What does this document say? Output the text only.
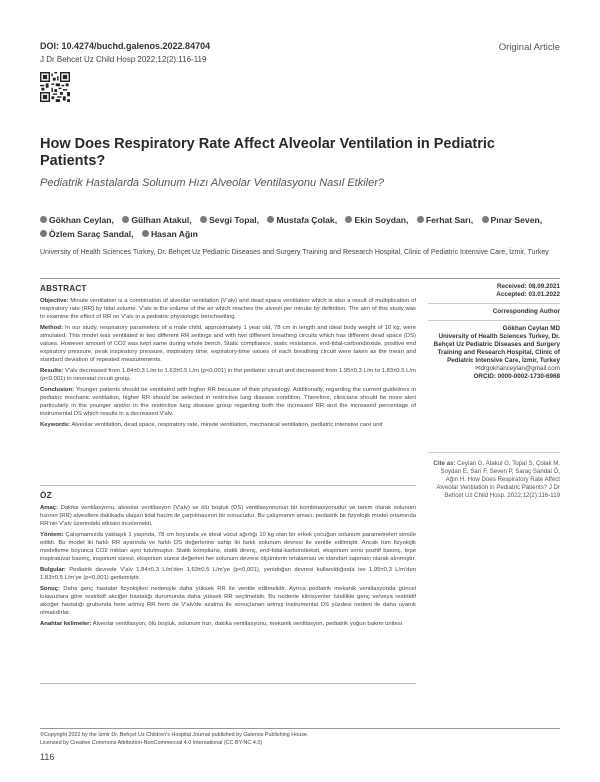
DOI: 10.4274/buchd.galenos.2022.84704
J Dr Behcet Uz Child Hosp 2022;12(2):116-119
Original Article
How Does Respiratory Rate Affect Alveolar Ventilation in Pediatric Patients?
Pediatrik Hastalarda Solunum Hızı Alveolar Ventilasyonu Nasıl Etkiler?
Gökhan Ceylan, Gülhan Atakul, Sevgi Topal, Mustafa Çolak, Ekin Soydan, Ferhat Sarı, Pınar Seven,
Özlem Saraç Sandal, Hasan Ağın
University of Health Sciences Turkey, Dr. Behçet Uz Pediatric Diseases and Surgery Training and Research Hospital, Clinic of Pediatric Intensive Care, İzmir, Turkey
ABSTRACT
Objective: Minute ventilation is a combination of alveolar ventilation (V'alv) and dead space ventilation which is also a result of multiplication of respiratory rate (RR) by tidal volume. V'alv is the volume of the air which reaches the alveoli per minute by definition. The aim of this study was to examine the effect of RR on V'alv in a pediatric physiologic benchsetting.
Method: In our study, respiratory parameters of a male child, approximately 1 year old, 78 cm in length and ideal body weight of 10 kg, were simulated. This model was ventilated in two different RR settings and with two different breathing circuits which has different dead space (DS) values. However amount of CO2 was kept same during whole bench. Static compliance, static resistance, end-tidal-carbondioxide, positive end expiratory pressure, peak inspiratory pressure, inspiratory time, expiratory-time values of each breathing circuit were taken as the mean and standard deviation of repeated measurements.
Results: V'alv decreased from 1.84±0.3 L/m to 1.63±0.5 L/m (p<0.001) in the pediatric circuit and decreased from 1.95±0.3 L/m to 1.83±0.5 L/m (p<0.001) in neonatal circuit group.
Conclusion: Younger patients should be ventilated with higher RR because of their physiology. Additionally, regarding the current guidelines in pediatric mechanic ventilation, higher RR should be selected in restrictive lung disease condition. Therefore, clinicians should be more alert particularly in the younger and/or in the restrictive lung disease group regarding both the increased RR and the increased percentage of instrumental DS which results in a decreased V'alv.
Keywords: Alveolar ventilation, dead space, respiratory rate, minute ventilation, mechanical ventilation, pediatric intensive care unit
ÖZ
Amaç: Dakika ventilasyonu, alveolar ventilasyon (V'alv) ve ölü boşluk (DS) ventilasyonunun bir kombinasyonudur ve tanım olarak solunum hızının (RR) alveollere dakikada ulaşan tidal hacim ile çarpılmasının bir sonucudur. Bu çalışmanın amacı, pediatrik bir fizyolojik model ortamında RR'nin V'alv üzerindeki etkisini incelemekti.
Yöntem: Çalışmamızda yaklaşık 1 yaşında, 78 cm boyunda ve ideal vücut ağırlığı 10 kg olan bir erkek çocuğun solunum parametreleri simüle edildi. Bu model iki farklı RR ayarında ve farklı DS değerlerine sahip iki farklı solunum devresi ile ventile edilmiştir. Ancak tüm fizyolojik modelleme boyunca CO2 miktarı aynı tutulmuştur. Statik komplians, statik direnç, end-tidal-karbondioksit, ekspirium sonu pozitif basınç, tepe inspiratuvar basınç, inspirium süresi, ekspirium süresi değerleri her solunum devresi ölçümlerin ortalaması ve standart sapması olarak alınmıştır.
Bulgular: Pediatrik devrede V'alv 1,84±0,3 L/m'den 1,63±0,5 L/m'ye (p<0,001), yenidoğan devresi kullanıldığında ise 1,95±0,3 L/m'den 1,83±0,5 L/m'ye (p<0,001) gerilemiştir.
Sonuç: Daha genç hastalar fizyolojileri nedeniyle daha yüksek RR ile ventile edilmelidir. Ayrıca pediatrik mekanik ventilasyonda güncel kılavuzlara göre restriktif akciğer hastalığı durumunda daha yüksek RR seçilmelidir. Bu nedenle klinisyenler özellikle genç ve/veya restriktif akciğer hastalığı grubunda hem artmış RR hem de V'alv'de azalma ile sonuçlanan artmış instrumental DS yüzdesi nedeni ile daha uyanık olmalıdırlar.
Anahtar kelimeler: Alveolar ventilasyon, ölü boşluk, solunum hızı, dakika ventilasyonu, mekanik ventilasyon, pediatrik yoğun bakım ünitesi
Received: 08.09.2021
Accepted: 03.01.2022
Corresponding Author
Gökhan Ceylan MD
University of Health Sciences Turkey, Dr. Behçet Uz Pediatric Diseases and Surgery Training and Research Hospital, Clinic of Pediatric Intensive Care, İzmir, Turkey
✉drgokhanceylan@gmail.com
ORCID: 0000-0002-1730-6968
Cite as: Ceylan G, Atakul G, Topal S, Çolak M, Soydan E, Sarı F, Seven P, Saraç Sandal Ö, Ağın H. How Does Respiratory Rate Affect Alveolar Ventilation in Pediatric Patients? J Dr Behcet Uz Child Hosp. 2022;12(2):116-119
©Copyright 2022 by the İzmir Dr. Behçet Uz Children's Hospital Journal published by Galenos Publishing House.
Licensed by Creative Commons Attribution-NonCommercial 4.0 International (CC BY-NC 4.0)
116
